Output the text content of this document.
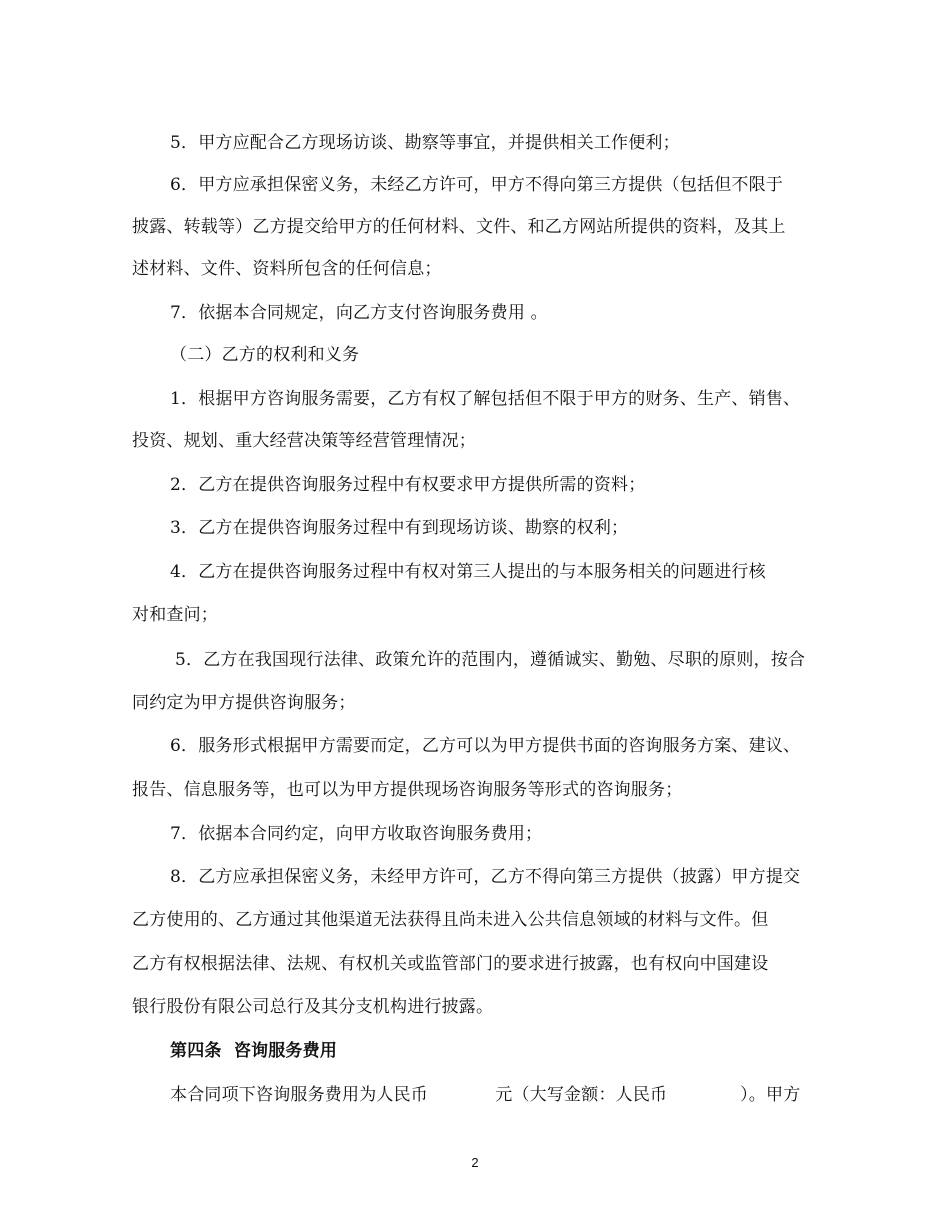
5．甲方应配合乙方现场访谈、勘察等事宜，并提供相关工作便利；
6．甲方应承担保密义务，未经乙方许可，甲方不得向第三方提供（包括但不限于
披露、转载等）乙方提交给甲方的任何材料、文件、和乙方网站所提供的资料，及其上
述材料、文件、资料所包含的任何信息；
7．依据本合同规定，向乙方支付咨询服务费用 。
（二）乙方的权利和义务
1．根据甲方咨询服务需要，乙方有权了解包括但不限于甲方的财务、生产、销售、
投资、规划、重大经营决策等经营管理情况；
2．乙方在提供咨询服务过程中有权要求甲方提供所需的资料；
3．乙方在提供咨询服务过程中有到现场访谈、勘察的权利；
4．乙方在提供咨询服务过程中有权对第三人提出的与本服务相关的问题进行核
对和查问；
5．乙方在我国现行法律、政策允许的范围内，遵循诚实、勤勉、尽职的原则，按合
同约定为甲方提供咨询服务；
6．服务形式根据甲方需要而定，乙方可以为甲方提供书面的咨询服务方案、建议、
报告、信息服务等，也可以为甲方提供现场咨询服务等形式的咨询服务；
7．依据本合同约定，向甲方收取咨询服务费用；
8．乙方应承担保密义务，未经甲方许可，乙方不得向第三方提供（披露）甲方提交
乙方使用的、乙方通过其他渠道无法获得且尚未进入公共信息领域的材料与文件。但
乙方有权根据法律、法规、有权机关或监管部门的要求进行披露，也有权向中国建设
银行股份有限公司总行及其分支机构进行披露。
第四条  咨询服务费用
本合同项下咨询服务费用为人民币            元（大写金额：人民币             ）。甲方
2
